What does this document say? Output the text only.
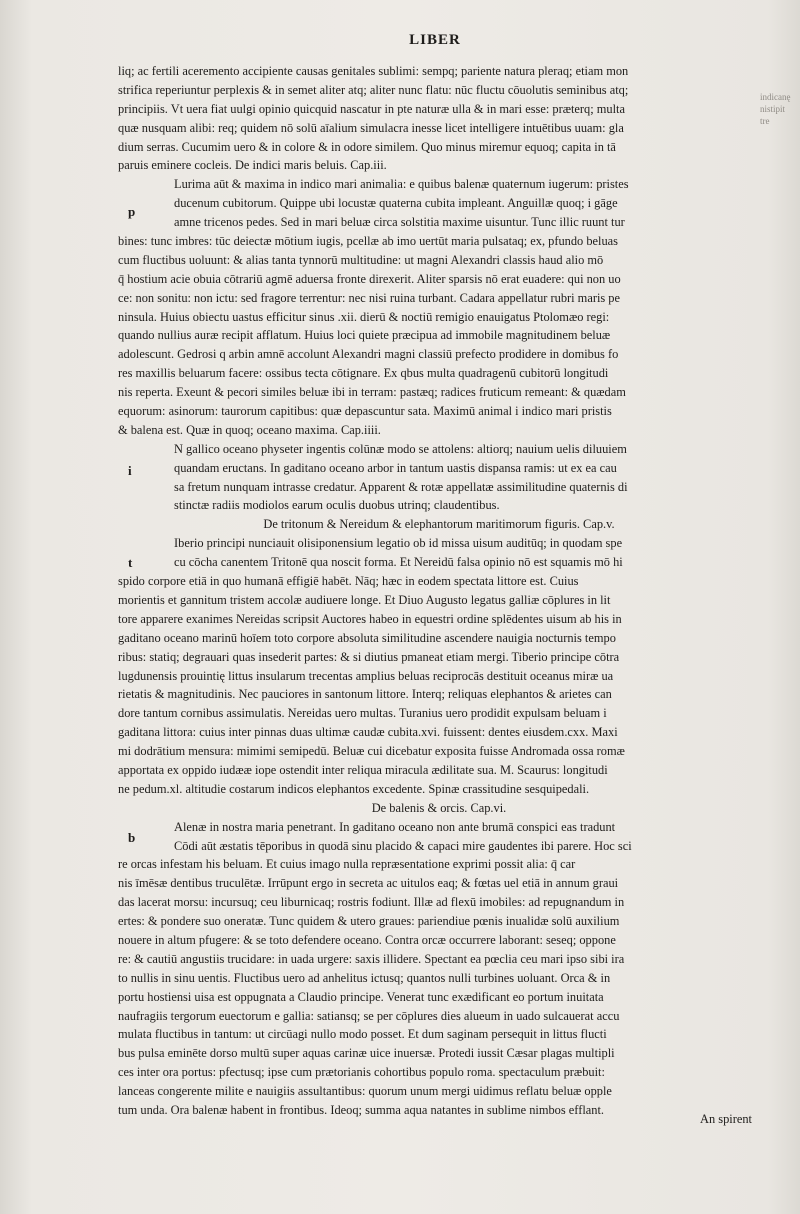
LIBER
indicanę
nistipit
tre
p
i
t
b
liq; ac fertili aceremento accipiente causas genitales sublimi: sempq; pariente natura pleraq; etiam mon
strifica reperiuntur perplexis & in semet aliter atq; aliter nunc flatu: nūc fluctu cōuolutis seminibus atq;
principiis. Vt uera fiat uulgi opinio quicquid nascatur in pte naturæ ulla & in mari esse: præterq; multa
quæ nusquam alibi: req; quidem nō solū aīalium simulacra inesse licet intelligere intuētibus uuam: gla
dium serras. Cucumim uero & in colore & in odore similem. Quo minus miremur equoq; capita in tā
paruis eminere cocleis. De indici maris beluis. Cap.iii.
Lurima aūt & maxima in indico mari animalia: e quibus balenæ quaternum iugerum: pristes
ducenum cubitorum. Quippe ubi locustæ quaterna cubita impleant. Anguillæ quoq; i gāge
amne tricenos pedes. Sed in mari beluæ circa solstitia maxime uisuntur. Tunc illic ruunt tur
bines: tunc imbres: tūc deiectæ mōtium iugis, pcellæ ab imo uertūt maria pulsataq; ex, pfundo beluas
cum fluctibus uoluunt: & alias tanta tynnorū multitudine: ut magni Alexandri classis haud alio mō
q̄ hostium acie obuia cōtrariū agmē aduersa fronte direxerit. Aliter sparsis nō erat euadere: qui non uo
ce: non sonitu: non ictu: sed fragore terrentur: nec nisi ruina turbant. Cadara appellatur rubri maris pe
ninsula. Huius obiectu uastus efficitur sinus .xii. dierū & noctiū remigio enauigatus Ptolomæo regi:
quando nullius auræ recipit afflatum. Huius loci quiete præcipua ad immobile magnitudinem beluæ
adolescunt. Gedrosi q arbin amnē accolunt Alexandri magni classiū prefecto prodidere in domibus fo
res maxillis beluarum facere: ossibus tecta cōtignare. Ex qbus multa quadragenū cubitorū longitudi
nis reperta. Exeunt & pecori similes beluæ ibi in terram: pastæq; radices fruticum remeant: & quædam
equorum: asinorum: taurorum capitibus: quæ depascuntur sata. Maximū animal i indico mari pristis
& balena est. Quæ in quoq; oceano maxima. Cap.iiii.
N gallico oceano physeter ingentis colūnæ modo se attolens: altiorq; nauium uelis diluuiem
quandam eructans. In gaditano oceano arbor in tantum uastis dispansa ramis: ut ex ea cau
sa fretum nunquam intrasse credatur. Apparent & rotæ appellatæ assimilitudine quaternis di
stinctæ radiis modiolos earum oculis duobus utrinq; claudentibus.
De tritonum & Nereidum & elephantorum maritimorum figuris. Cap.v.
Iberio principi nunciauit olisiponensium legatio ob id missa uisum auditūq; in quodam spe
cu cōcha canentem Tritonē qua noscit forma. Et Nereidū falsa opinio nō est squamis mō hi
spido corpore etiā in quo humanā effigiē habēt. Nāq; hæc in eodem spectata littore est. Cuius
morientis et gannitum tristem accolæ audiuere longe. Et Diuo Augusto legatus galliæ cōplures in lit
tore apparere exanimes Nereidas scripsit Auctores habeo in equestri ordine splēdentes uisum ab his in
gaditano oceano marinū hoīem toto corpore absoluta similitudine ascendere nauigia nocturnis tempo
ribus: statiq; degrauari quas insederit partes: & si diutius pmaneat etiam mergi. Tiberio principe cōtra
lugdunensis prouintię littus insularum trecentas amplius beluas reciprocās destituit oceanus miræ ua
rietatis & magnitudinis. Nec pauciores in santonum littore. Interq; reliquas elephantos & arietes can
dore tantum cornibus assimulatis. Nereidas uero multas. Turanius uero prodidit expulsam beluam i
gaditana littora: cuius inter pinnas duas ultimæ caudæ cubita.xvi. fuissent: dentes eiusdem.cxx. Maxi
mi dodrātium mensura: mimimi semipedū. Beluæ cui dicebatur exposita fuisse Andromada ossa romæ
apportata ex oppido iudææ iope ostendit inter reliqua miracula ædilitate sua. M. Scaurus: longitudi
ne pedum.xl. altitudie costarum indicos elephantos excedente. Spinæ crassitudine sesquipedali.
De balenis & orcis. Cap.vi.
Alenæ in nostra maria penetrant. In gaditano oceano non ante brumā conspici eas tradunt
Cōdi aūt æstatis tēporibus in quodā sinu placido & capaci mire gaudentes ibi parere. Hoc sci
re orcas infestam his beluam. Et cuius imago nulla repræsentatione exprimi possit alia: q̄ car
nis īmēsæ dentibus truculētæ. Irrūpunt ergo in secreta ac uitulos eaq; & fœtas uel etiā in annum graui
das lacerat morsu: incursuq; ceu liburnicaq; rostris fodiunt. Illæ ad flexū imobiles: ad repugnandum in
ertes: & pondere suo oneratæ. Tunc quidem & utero graues: pariendiue pœnis inualidæ solū auxilium
nouere in altum pfugere: & se toto defendere oceano. Contra orcæ occurrere laborant: seseq; oppone
re: & cautiū angustiis trucidare: in uada urgere: saxis illidere. Spectant ea pœclia ceu mari ipso sibi ira
to nullis in sinu uentis. Fluctibus uero ad anhelitus ictusq; quantos nulli turbines uoluant. Orca & in
portu hostiensi uisa est oppugnata a Claudio principe. Venerat tunc exædificant eo portum inuitata
naufragiis tergorum euectorum e gallia: satiansq; se per cōplures dies alueum in uado sulcauerat accu
mulata fluctibus in tantum: ut circūagi nullo modo posset. Et dum saginam persequit in littus flucti
bus pulsa eminēte dorso multū super aquas carinæ uice inuersæ. Protedi iussit Cæsar plagas multipli
ces inter ora portus: pfectusq; ipse cum prætorianis cohortibus populo roma. spectaculum præbuit:
lanceas congerente milite e nauigiis assultantibus: quorum unum mergi uidimus reflatu beluæ opple
tum unda. Ora balenæ habent in frontibus. Ideoq; summa aqua natantes in sublime nimbos efflant.
An spirent
